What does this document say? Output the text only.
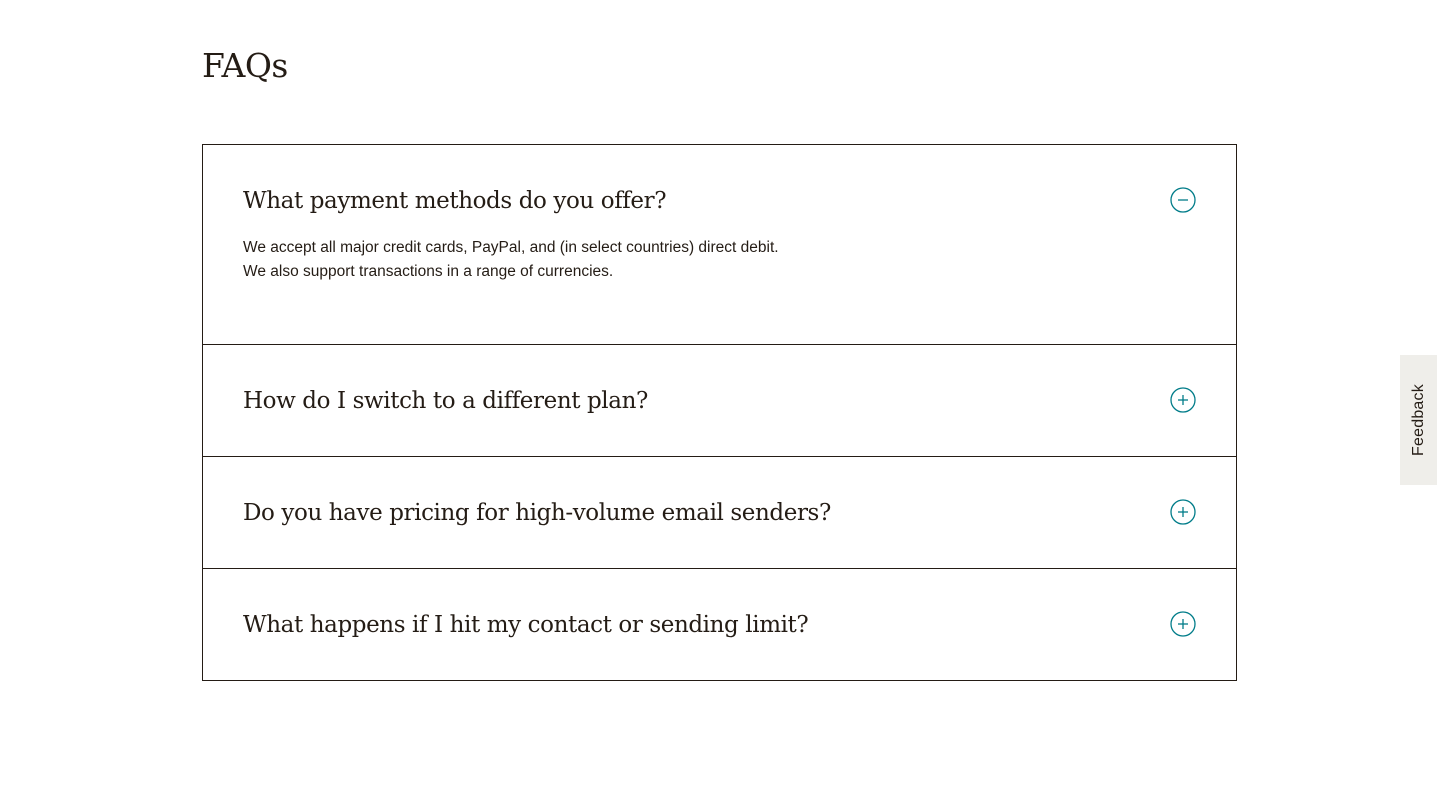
FAQs
What payment methods do you offer?

We accept all major credit cards, PayPal, and (in select countries) direct debit. We also support transactions in a range of currencies.

How do I switch to a different plan?
Do you have pricing for high-volume email senders?
What happens if I hit my contact or sending limit?
Feedback
